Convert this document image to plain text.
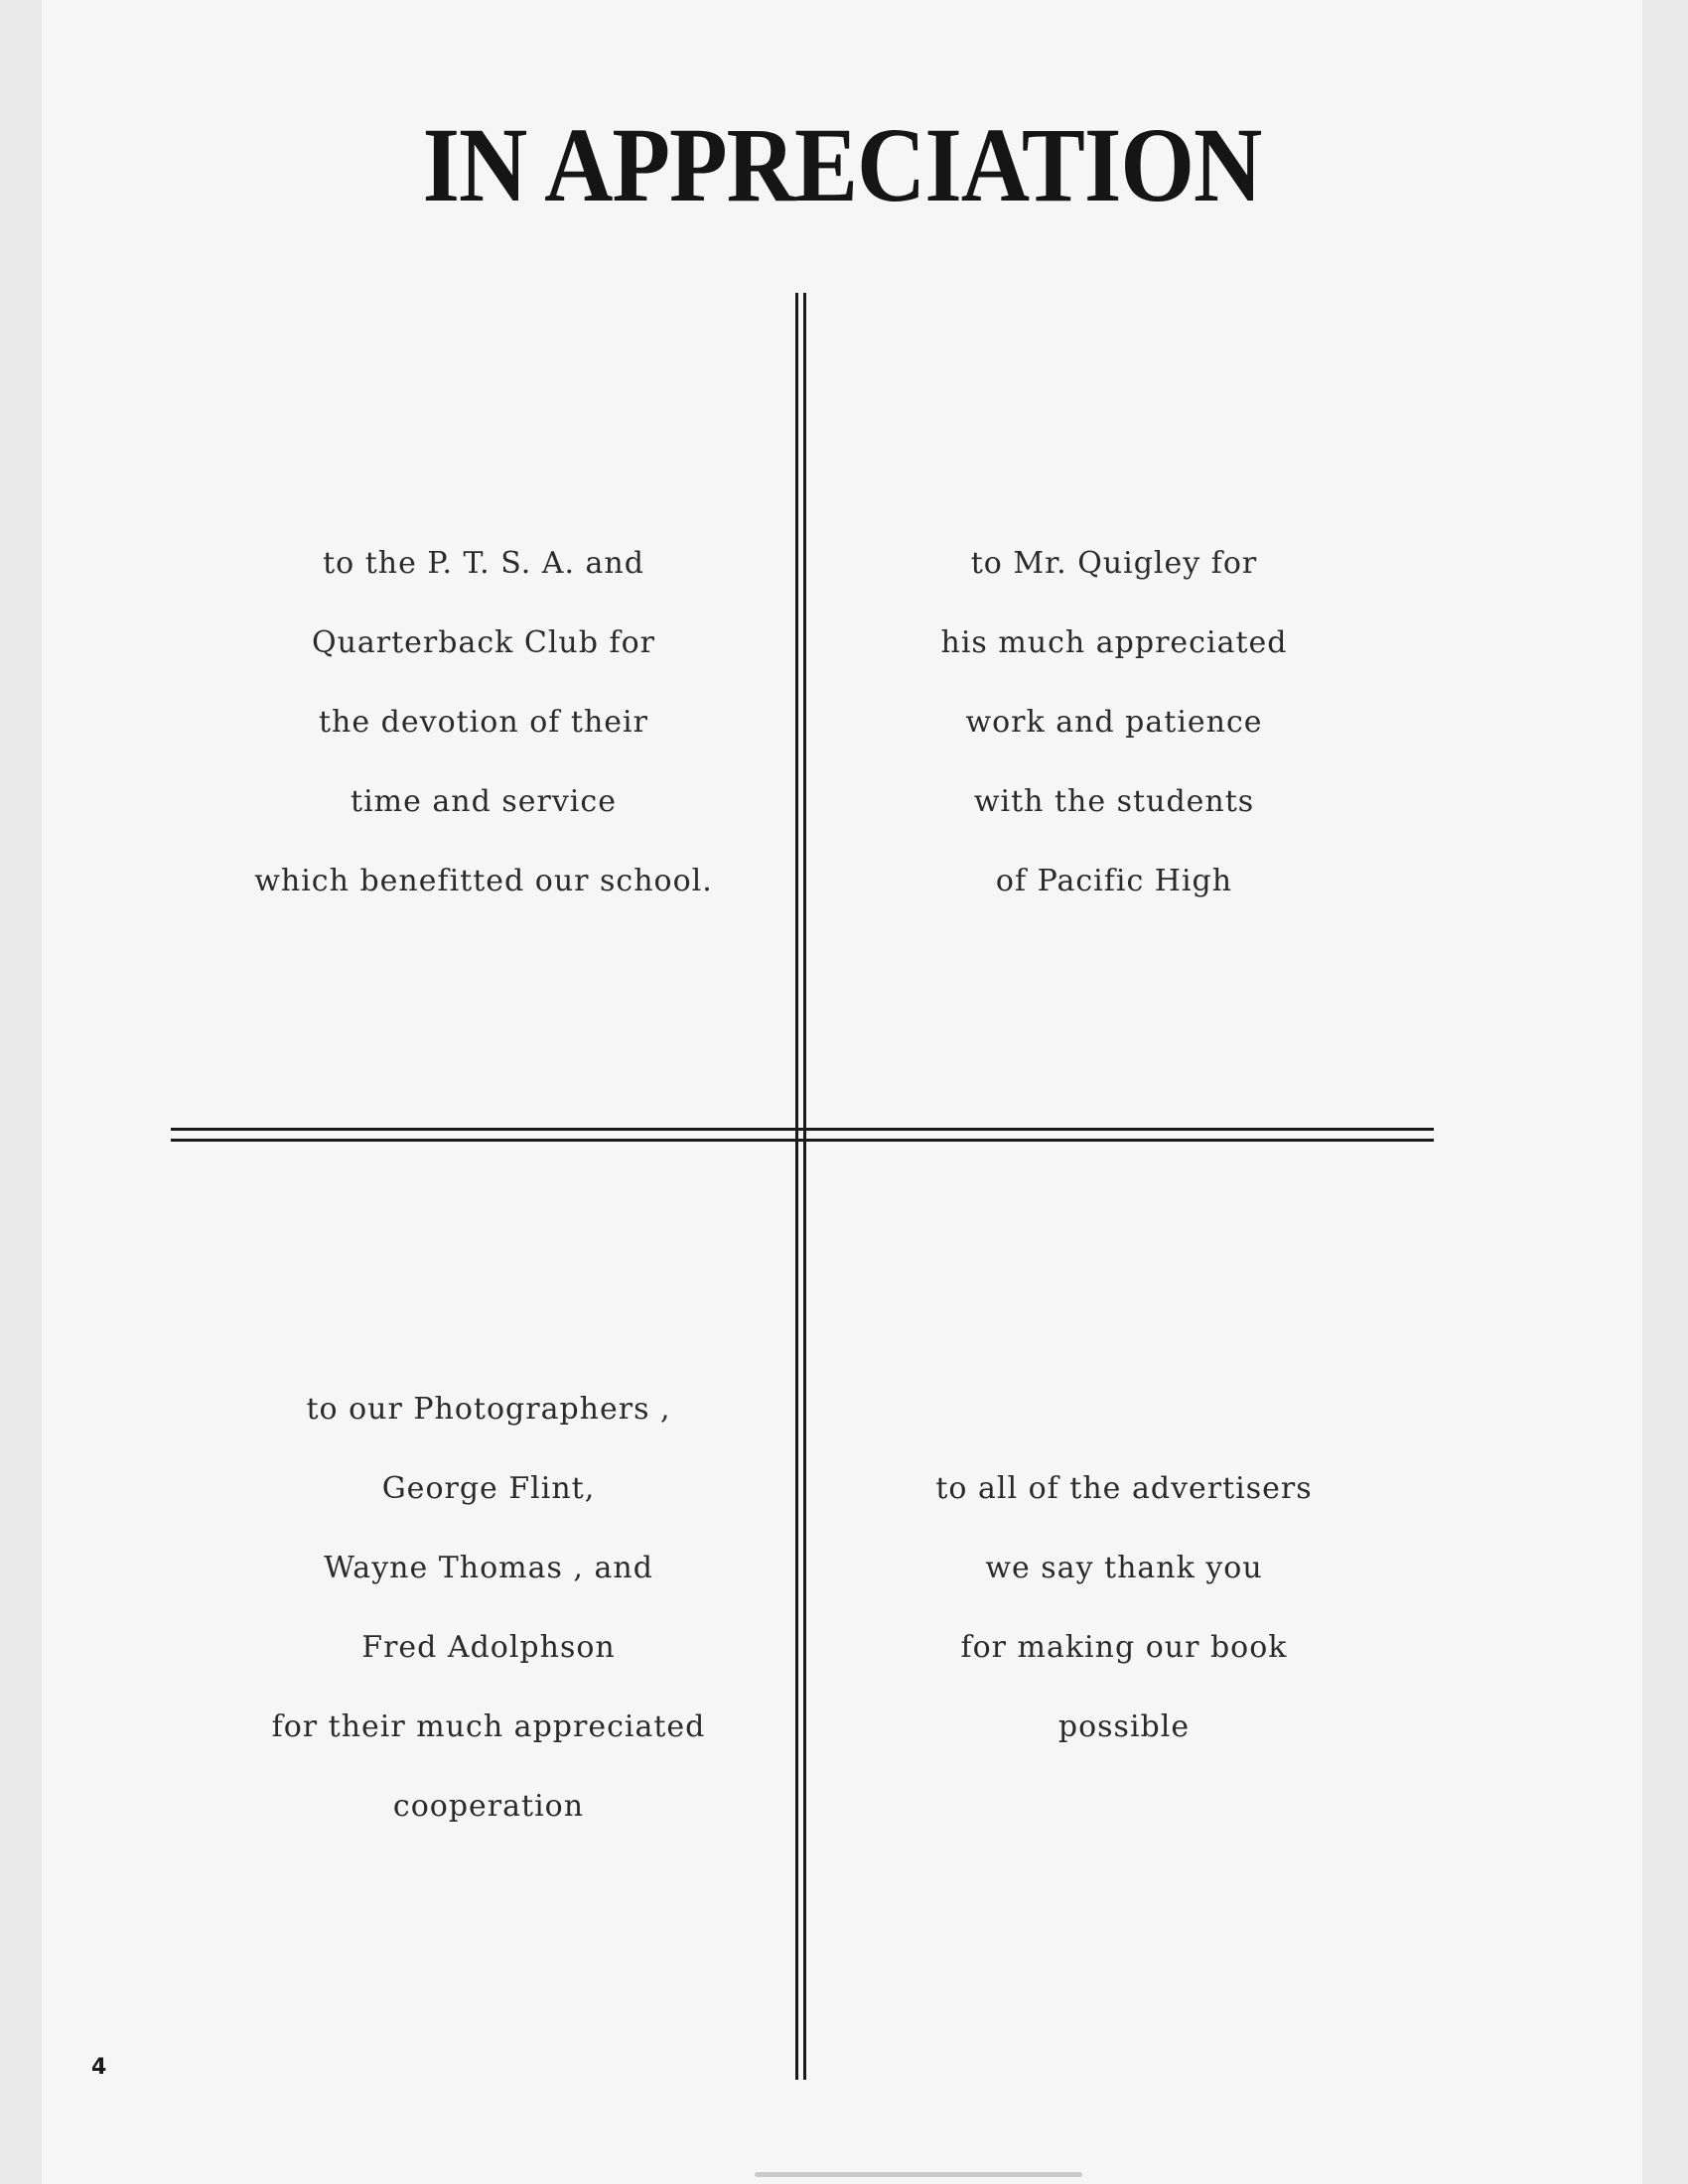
IN APPRECIATION
to the P. T. S. A. and
Quarterback Club for
the devotion of their
time and service
which benefitted our school.
to Mr. Quigley for
his much appreciated
work and patience
with the students
of Pacific High
to our Photographers ,
George Flint,
Wayne Thomas , and
Fred Adolphson
for their much appreciated
cooperation
to all of the advertisers
we say thank you
for making our book
possible
4
